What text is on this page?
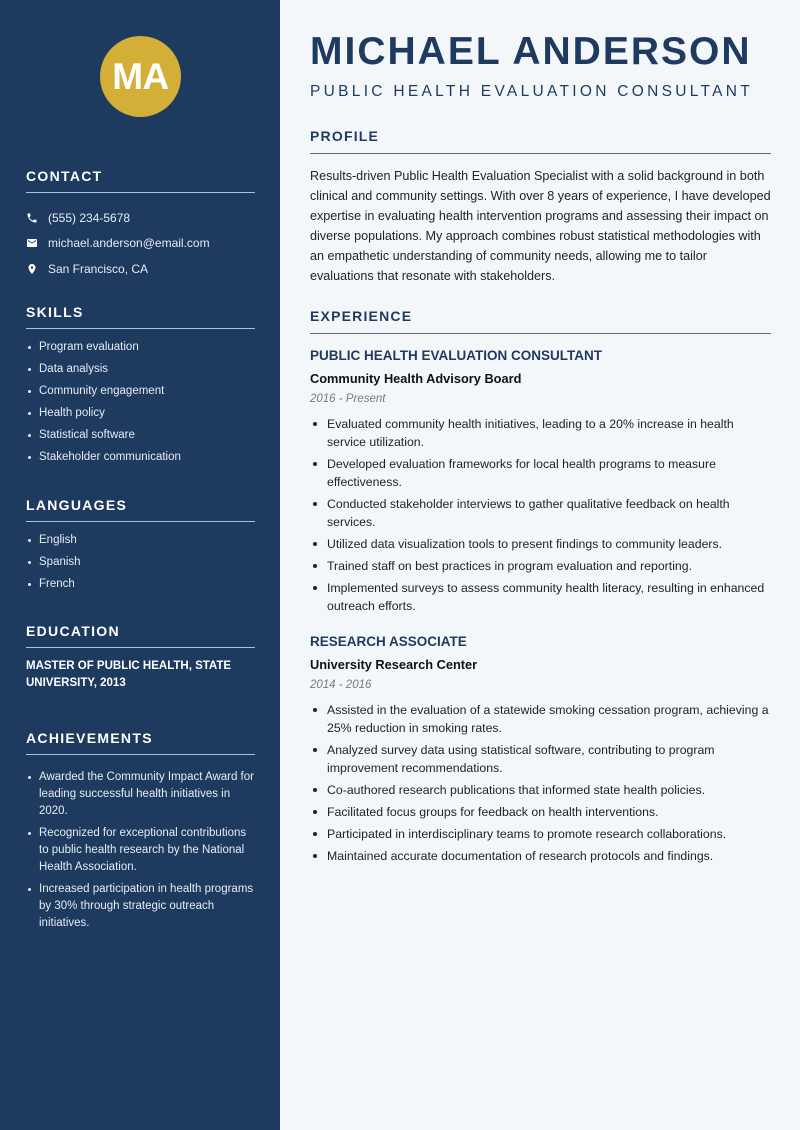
MA
CONTACT
(555) 234-5678
michael.anderson@email.com
San Francisco, CA
SKILLS
Program evaluation
Data analysis
Community engagement
Health policy
Statistical software
Stakeholder communication
LANGUAGES
English
Spanish
French
EDUCATION

MASTER OF PUBLIC HEALTH, STATE UNIVERSITY, 2013

ACHIEVEMENTS
Awarded the Community Impact Award for leading successful health initiatives in 2020.
Recognized for exceptional contributions to public health research by the National Health Association.
Increased participation in health programs by 30% through strategic outreach initiatives.
MICHAEL ANDERSON
PUBLIC HEALTH EVALUATION CONSULTANT
PROFILE

Results-driven Public Health Evaluation Specialist with a solid background in both clinical and community settings. With over 8 years of experience, I have developed expertise in evaluating health intervention programs and assessing their impact on diverse populations. My approach combines robust statistical methodologies with an empathetic understanding of community needs, allowing me to tailor evaluations that resonate with stakeholders.

EXPERIENCE
PUBLIC HEALTH EVALUATION CONSULTANT
Community Health Advisory Board
2016 - Present
Evaluated community health initiatives, leading to a 20% increase in health service utilization.
Developed evaluation frameworks for local health programs to measure effectiveness.
Conducted stakeholder interviews to gather qualitative feedback on health services.
Utilized data visualization tools to present findings to community leaders.
Trained staff on best practices in program evaluation and reporting.
Implemented surveys to assess community health literacy, resulting in enhanced outreach efforts.
RESEARCH ASSOCIATE
University Research Center
2014 - 2016
Assisted in the evaluation of a statewide smoking cessation program, achieving a 25% reduction in smoking rates.
Analyzed survey data using statistical software, contributing to program improvement recommendations.
Co-authored research publications that informed state health policies.
Facilitated focus groups for feedback on health interventions.
Participated in interdisciplinary teams to promote research collaborations.
Maintained accurate documentation of research protocols and findings.
